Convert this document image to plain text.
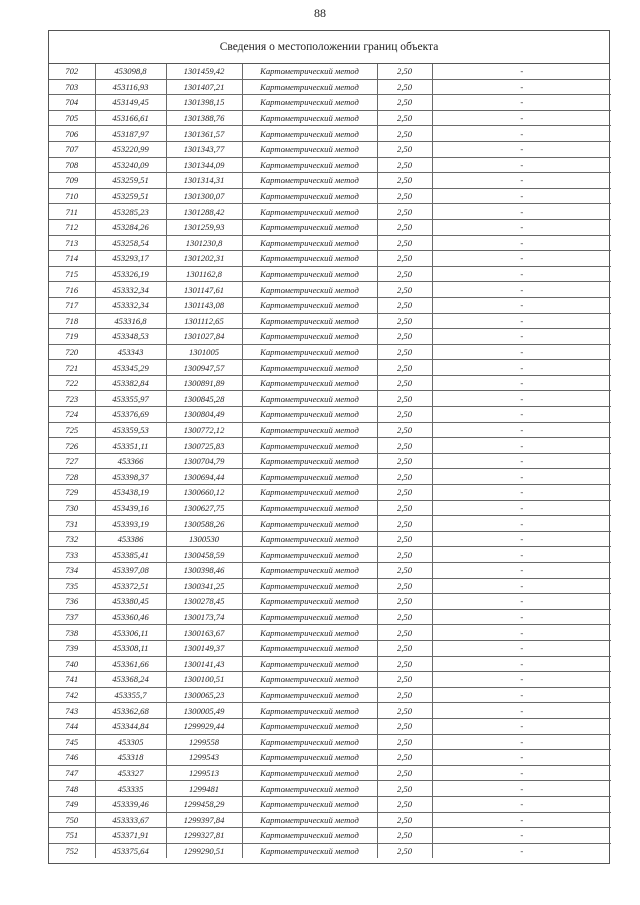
88
Сведения о местоположении границ объекта
702	453098,8	1301459,42	Картометрический метод	2,50	-
703	453116,93	1301407,21	Картометрический метод	2,50	-
704	453149,45	1301398,15	Картометрический метод	2,50	-
705	453166,61	1301388,76	Картометрический метод	2,50	-
706	453187,97	1301361,57	Картометрический метод	2,50	-
707	453220,99	1301343,77	Картометрический метод	2,50	-
708	453240,09	1301344,09	Картометрический метод	2,50	-
709	453259,51	1301314,31	Картометрический метод	2,50	-
710	453259,51	1301300,07	Картометрический метод	2,50	-
711	453285,23	1301288,42	Картометрический метод	2,50	-
712	453284,26	1301259,93	Картометрический метод	2,50	-
713	453258,54	1301230,8	Картометрический метод	2,50	-
714	453293,17	1301202,31	Картометрический метод	2,50	-
715	453326,19	1301162,8	Картометрический метод	2,50	-
716	453332,34	1301147,61	Картометрический метод	2,50	-
717	453332,34	1301143,08	Картометрический метод	2,50	-
718	453316,8	1301112,65	Картометрический метод	2,50	-
719	453348,53	1301027,84	Картометрический метод	2,50	-
720	453343	1301005	Картометрический метод	2,50	-
721	453345,29	1300947,57	Картометрический метод	2,50	-
722	453382,84	1300891,89	Картометрический метод	2,50	-
723	453355,97	1300845,28	Картометрический метод	2,50	-
724	453376,69	1300804,49	Картометрический метод	2,50	-
725	453359,53	1300772,12	Картометрический метод	2,50	-
726	453351,11	1300725,83	Картометрический метод	2,50	-
727	453366	1300704,79	Картометрический метод	2,50	-
728	453398,37	1300694,44	Картометрический метод	2,50	-
729	453438,19	1300660,12	Картометрический метод	2,50	-
730	453439,16	1300627,75	Картометрический метод	2,50	-
731	453393,19	1300588,26	Картометрический метод	2,50	-
732	453386	1300530	Картометрический метод	2,50	-
733	453385,41	1300458,59	Картометрический метод	2,50	-
734	453397,08	1300398,46	Картометрический метод	2,50	-
735	453372,51	1300341,25	Картометрический метод	2,50	-
736	453380,45	1300278,45	Картометрический метод	2,50	-
737	453360,46	1300173,74	Картометрический метод	2,50	-
738	453306,11	1300163,67	Картометрический метод	2,50	-
739	453308,11	1300149,37	Картометрический метод	2,50	-
740	453361,66	1300141,43	Картометрический метод	2,50	-
741	453368,24	1300100,51	Картометрический метод	2,50	-
742	453355,7	1300065,23	Картометрический метод	2,50	-
743	453362,68	1300005,49	Картометрический метод	2,50	-
744	453344,84	1299929,44	Картометрический метод	2,50	-
745	453305	1299558	Картометрический метод	2,50	-
746	453318	1299543	Картометрический метод	2,50	-
747	453327	1299513	Картометрический метод	2,50	-
748	453335	1299481	Картометрический метод	2,50	-
749	453339,46	1299458,29	Картометрический метод	2,50	-
750	453333,67	1299397,84	Картометрический метод	2,50	-
751	453371,91	1299327,81	Картометрический метод	2,50	-
752	453375,64	1299290,51	Картометрический метод	2,50	-
